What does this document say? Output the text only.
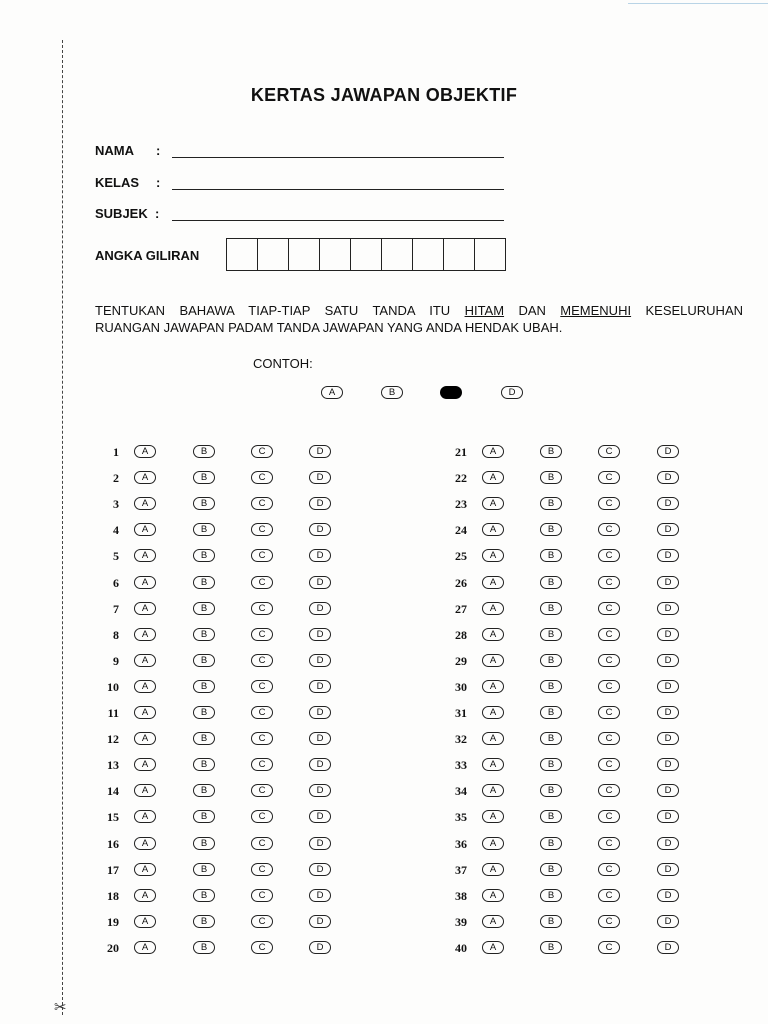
✂
KERTAS JAWAPAN OBJEKTIF
NAMA :
KELAS :
SUBJEK :
ANGKA GILIRAN
TENTUKAN BAHAWA TIAP-TIAP SATU TANDA ITU HITAM DAN MEMENUHI KESELURUHAN
RUANGAN JAWAPAN PADAM TANDA JAWAPAN YANG ANDA HENDAK UBAH.
CONTOH:
A	B	D
1	A	B	C	D
2	A	B	C	D
3	A	B	C	D
4	A	B	C	D
5	A	B	C	D
6	A	B	C	D
7	A	B	C	D
8	A	B	C	D
9	A	B	C	D
10	A	B	C	D
11	A	B	C	D
12	A	B	C	D
13	A	B	C	D
14	A	B	C	D
15	A	B	C	D
16	A	B	C	D
17	A	B	C	D
18	A	B	C	D
19	A	B	C	D
20	A	B	C	D
21	A	B	C	D
22	A	B	C	D
23	A	B	C	D
24	A	B	C	D
25	A	B	C	D
26	A	B	C	D
27	A	B	C	D
28	A	B	C	D
29	A	B	C	D
30	A	B	C	D
31	A	B	C	D
32	A	B	C	D
33	A	B	C	D
34	A	B	C	D
35	A	B	C	D
36	A	B	C	D
37	A	B	C	D
38	A	B	C	D
39	A	B	C	D
40	A	B	C	D
